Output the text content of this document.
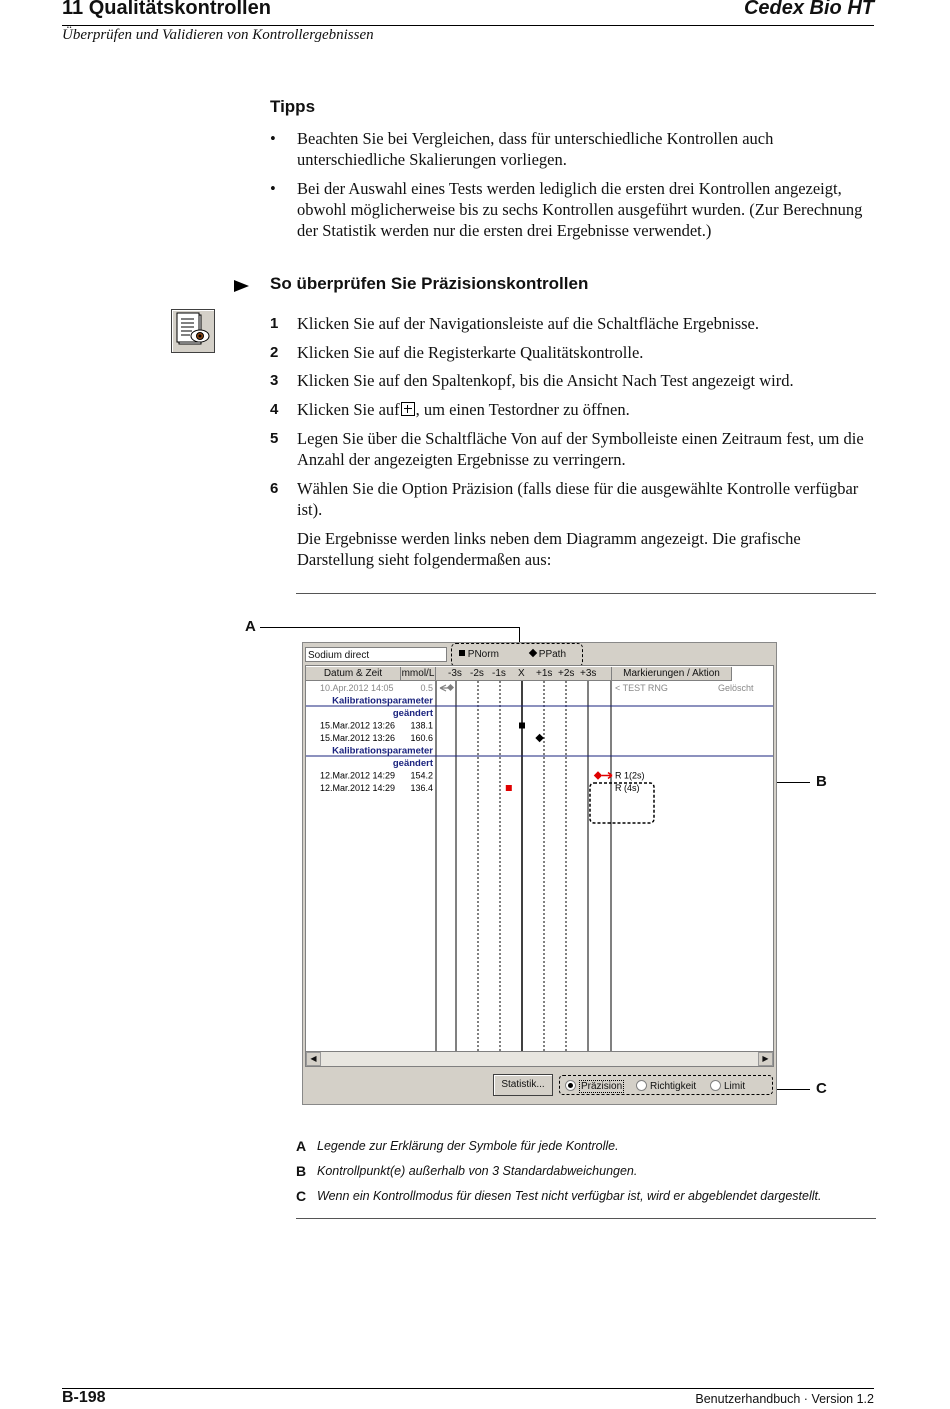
11 Qualitätskontrollen	Cedex Bio HT
Überprüfen und Validieren von Kontrollergebnissen
Tipps
• Beachten Sie bei Vergleichen, dass für unterschiedliche Kontrollen auch unterschiedliche Skalierungen vorliegen.
• Bei der Auswahl eines Tests werden lediglich die ersten drei Kontrollen angezeigt, obwohl möglicherweise bis zu sechs Kontrollen ausgeführt wurden. (Zur Berechnung der Statistik werden nur die ersten drei Ergebnisse verwendet.)
So überprüfen Sie Präzisionskontrollen
1 Klicken Sie auf der Navigationsleiste auf die Schaltfläche Ergebnisse.
2 Klicken Sie auf die Registerkarte Qualitätskontrolle.
3 Klicken Sie auf den Spaltenkopf, bis die Ansicht Nach Test angezeigt wird.
4 Klicken Sie auf , um einen Testordner zu öffnen.
5 Legen Sie über die Schaltfläche Von auf der Symbolleiste einen Zeitraum fest, um die Anzahl der angezeigten Ergebnisse zu verringern.
6 Wählen Sie die Option Präzision (falls diese für die ausgewählte Kontrolle verfügbar ist).
Die Ergebnisse werden links neben dem Diagramm angezeigt. Die grafische Darstellung sieht folgendermaßen aus:
A
B
C
Sodium direct	PNorm	PPath
Datum & Zeit	mmol/L -3s -2s -1s X +1s +2s +3s	Markierungen / Aktion
10.Apr.2012 14:05	0.5	< TEST RNG	Gelöscht
Kalibrationsparameter
geändert
15.Mar.2012 13:26 138.1
15.Mar.2012 13:26 160.6
Kalibrationsparameter
geändert
12.Mar.2012 14:29 154.2	R 1(2s)
12.Mar.2012 14:29 136.4	R (4s)
◀	▶
Statistik...	Präzision	Richtigkeit	Limit
A Legende zur Erklärung der Symbole für jede Kontrolle.
B Kontrollpunkt(e) außerhalb von 3 Standardabweichungen.
C Wenn ein Kontrollmodus für diesen Test nicht verfügbar ist, wird er abgeblendet dargestellt.
B-198	Benutzerhandbuch · Version 1.2
